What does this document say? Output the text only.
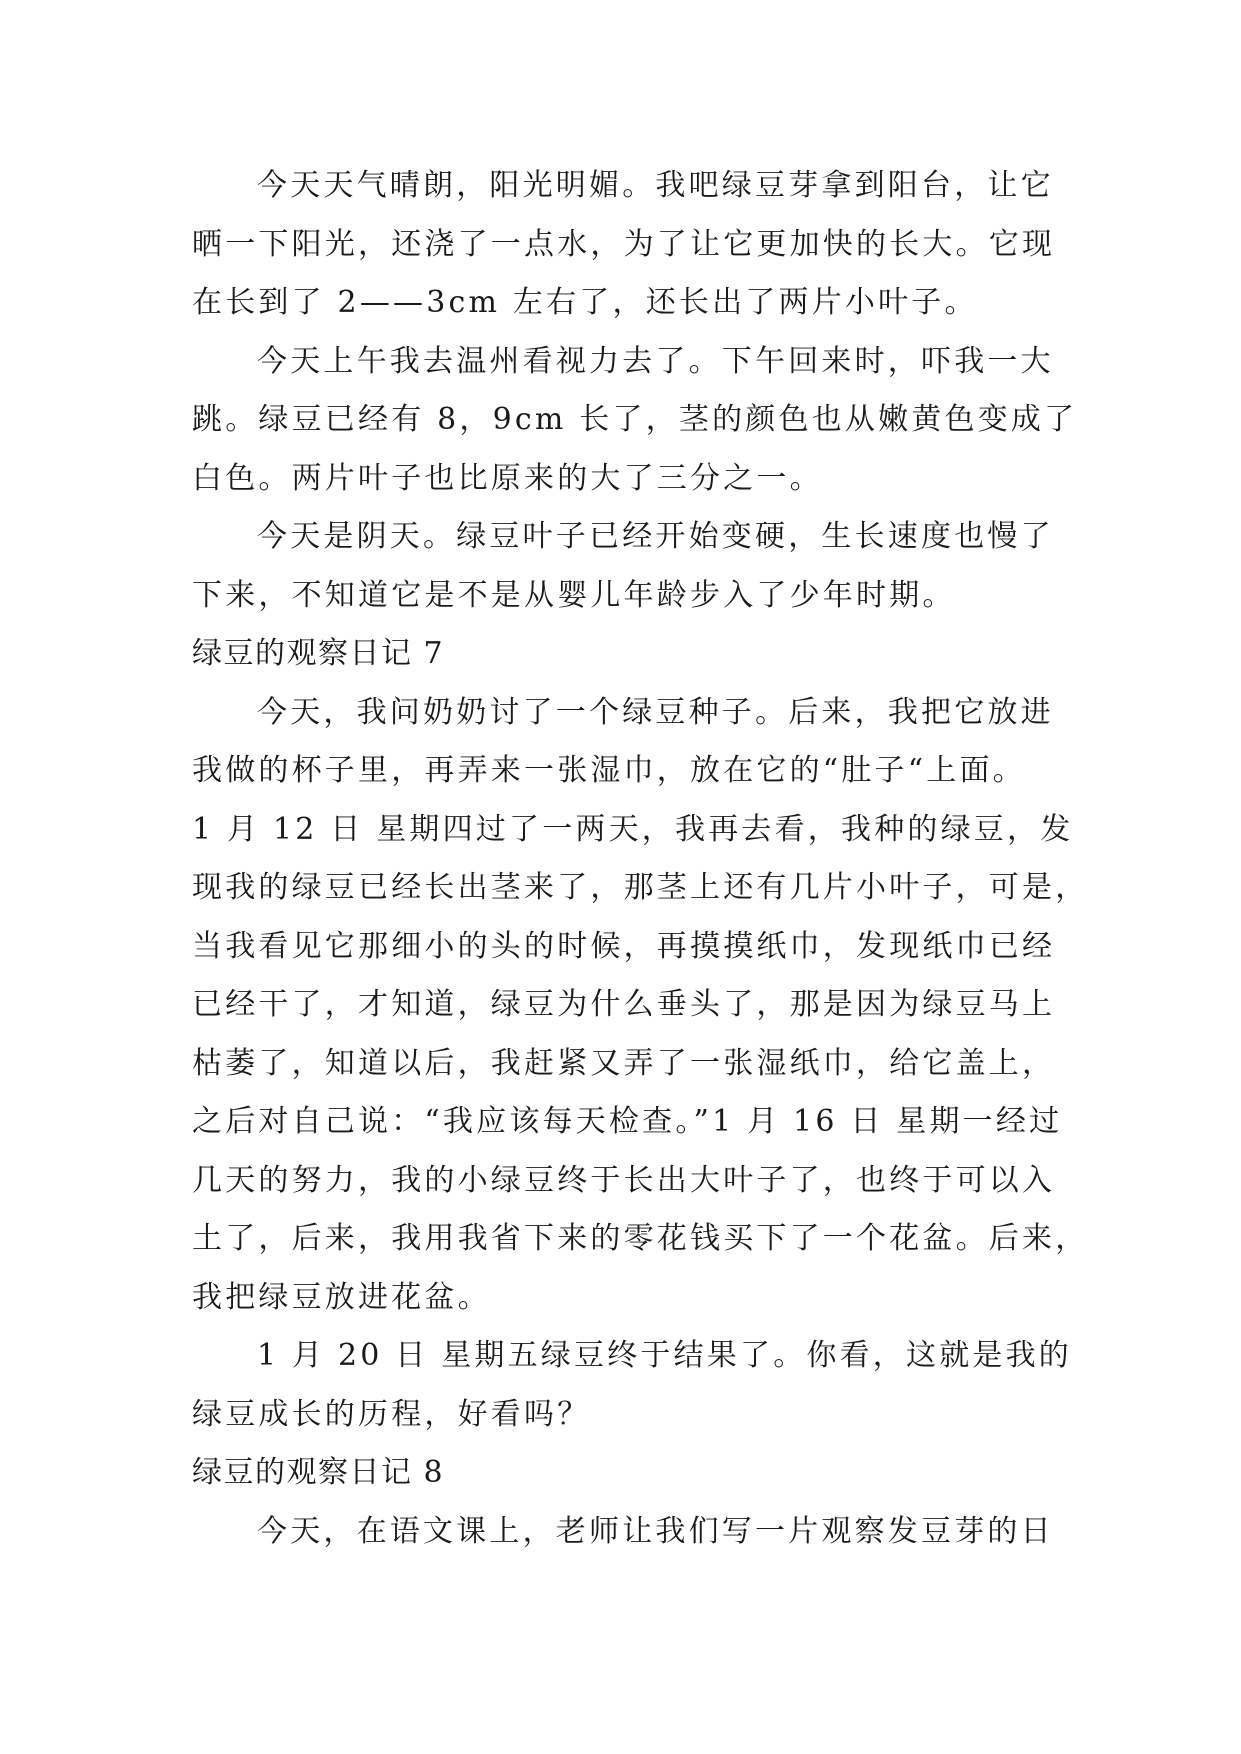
今天天气晴朗，阳光明媚。我吧绿豆芽拿到阳台，让它
晒一下阳光，还浇了一点水，为了让它更加快的长大。它现
在长到了 2——3cm 左右了，还长出了两片小叶子。
今天上午我去温州看视力去了。下午回来时，吓我一大
跳。绿豆已经有 8，9cm 长了，茎的颜色也从嫩黄色变成了
白色。两片叶子也比原来的大了三分之一。
今天是阴天。绿豆叶子已经开始变硬，生长速度也慢了
下来，不知道它是不是从婴儿年龄步入了少年时期。
绿豆的观察日记 7
今天，我问奶奶讨了一个绿豆种子。后来，我把它放进
我做的杯子里，再弄来一张湿巾，放在它的“肚子“上面。
1 月 12 日 星期四过了一两天，我再去看，我种的绿豆，发
现我的绿豆已经长出茎来了，那茎上还有几片小叶子，可是，
当我看见它那细小的头的时候，再摸摸纸巾，发现纸巾已经
已经干了，才知道，绿豆为什么垂头了，那是因为绿豆马上
枯萎了，知道以后，我赶紧又弄了一张湿纸巾，给它盖上，
之后对自己说：“我应该每天检查。”1 月 16 日 星期一经过
几天的努力，我的小绿豆终于长出大叶子了，也终于可以入
土了，后来，我用我省下来的零花钱买下了一个花盆。后来，
我把绿豆放进花盆。
1 月 20 日 星期五绿豆终于结果了。你看，这就是我的
绿豆成长的历程，好看吗？
绿豆的观察日记 8
今天，在语文课上，老师让我们写一片观察发豆芽的日
